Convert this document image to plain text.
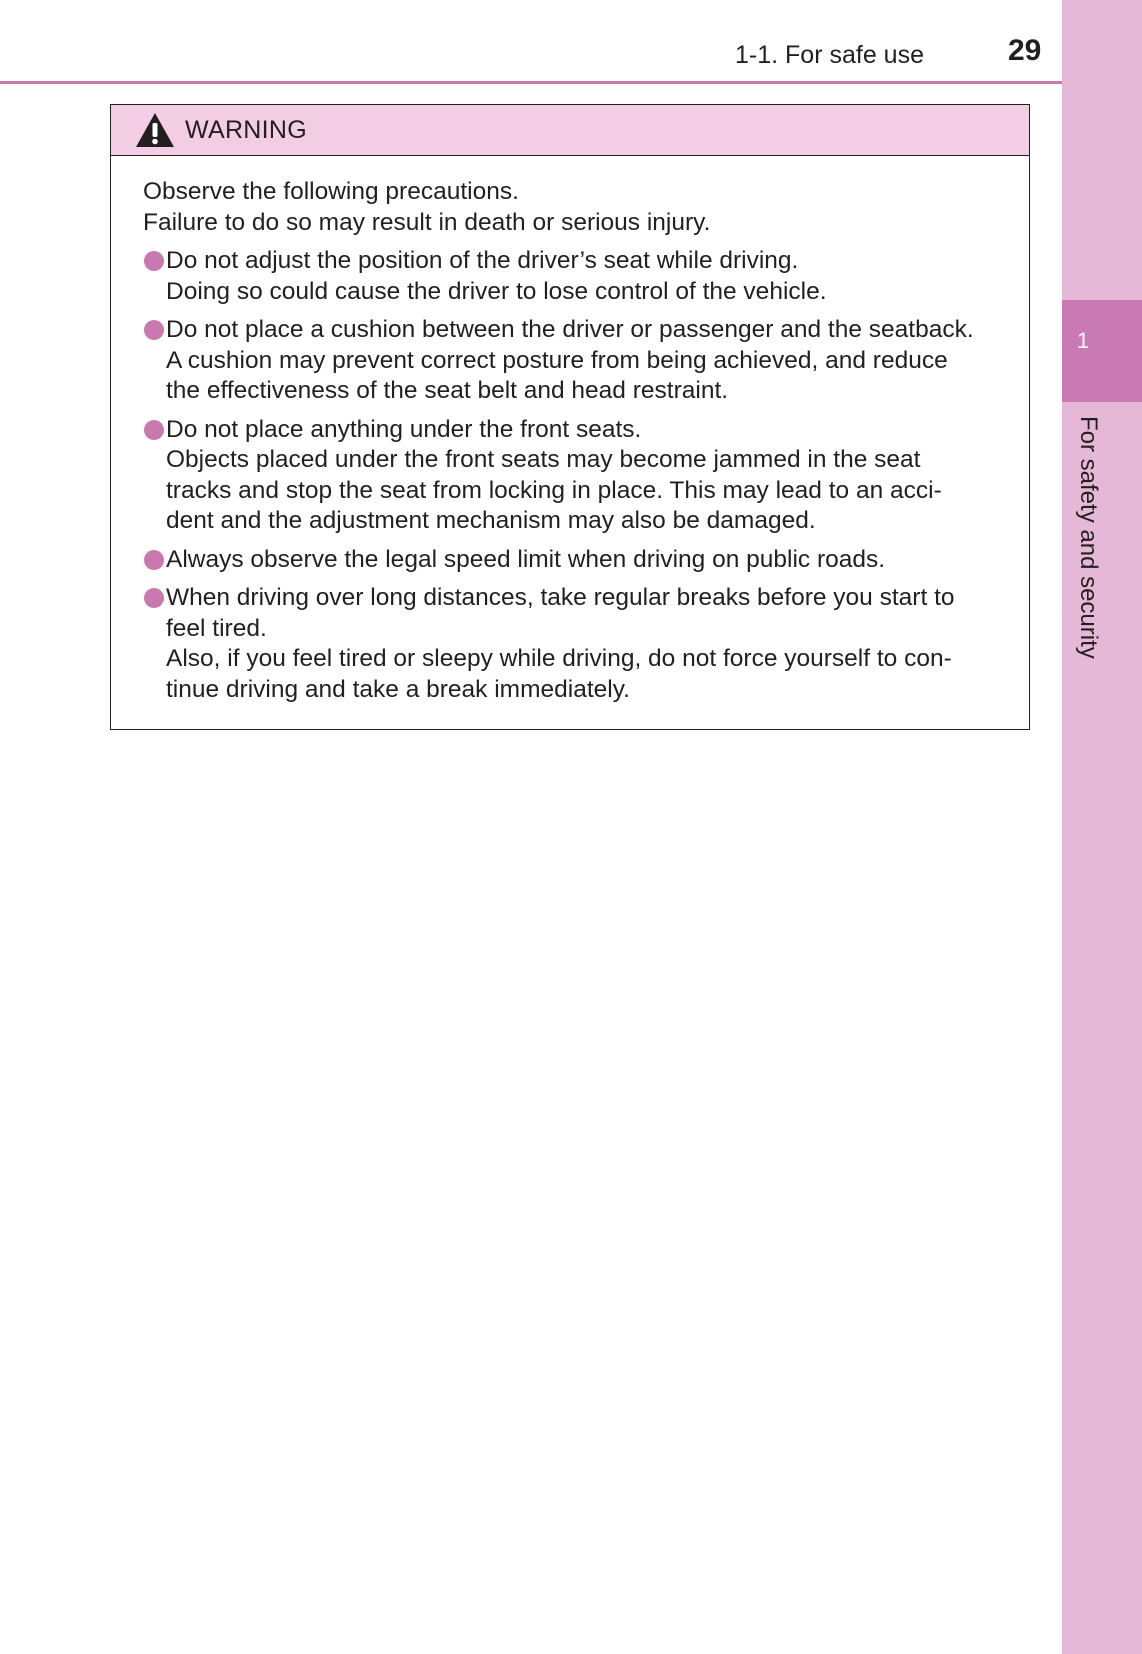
1-1. For safe use	29
1
For safety and security
WARNING
Observe the following precautions.
Failure to do so may result in death or serious injury.
Do not adjust the position of the driver’s seat while driving.
Doing so could cause the driver to lose control of the vehicle.
Do not place a cushion between the driver or passenger and the seatback.
A cushion may prevent correct posture from being achieved, and reduce
the effectiveness of the seat belt and head restraint.
Do not place anything under the front seats.
Objects placed under the front seats may become jammed in the seat
tracks and stop the seat from locking in place. This may lead to an acci-
dent and the adjustment mechanism may also be damaged.
Always observe the legal speed limit when driving on public roads.
When driving over long distances, take regular breaks before you start to
feel tired.
Also, if you feel tired or sleepy while driving, do not force yourself to con-
tinue driving and take a break immediately.
